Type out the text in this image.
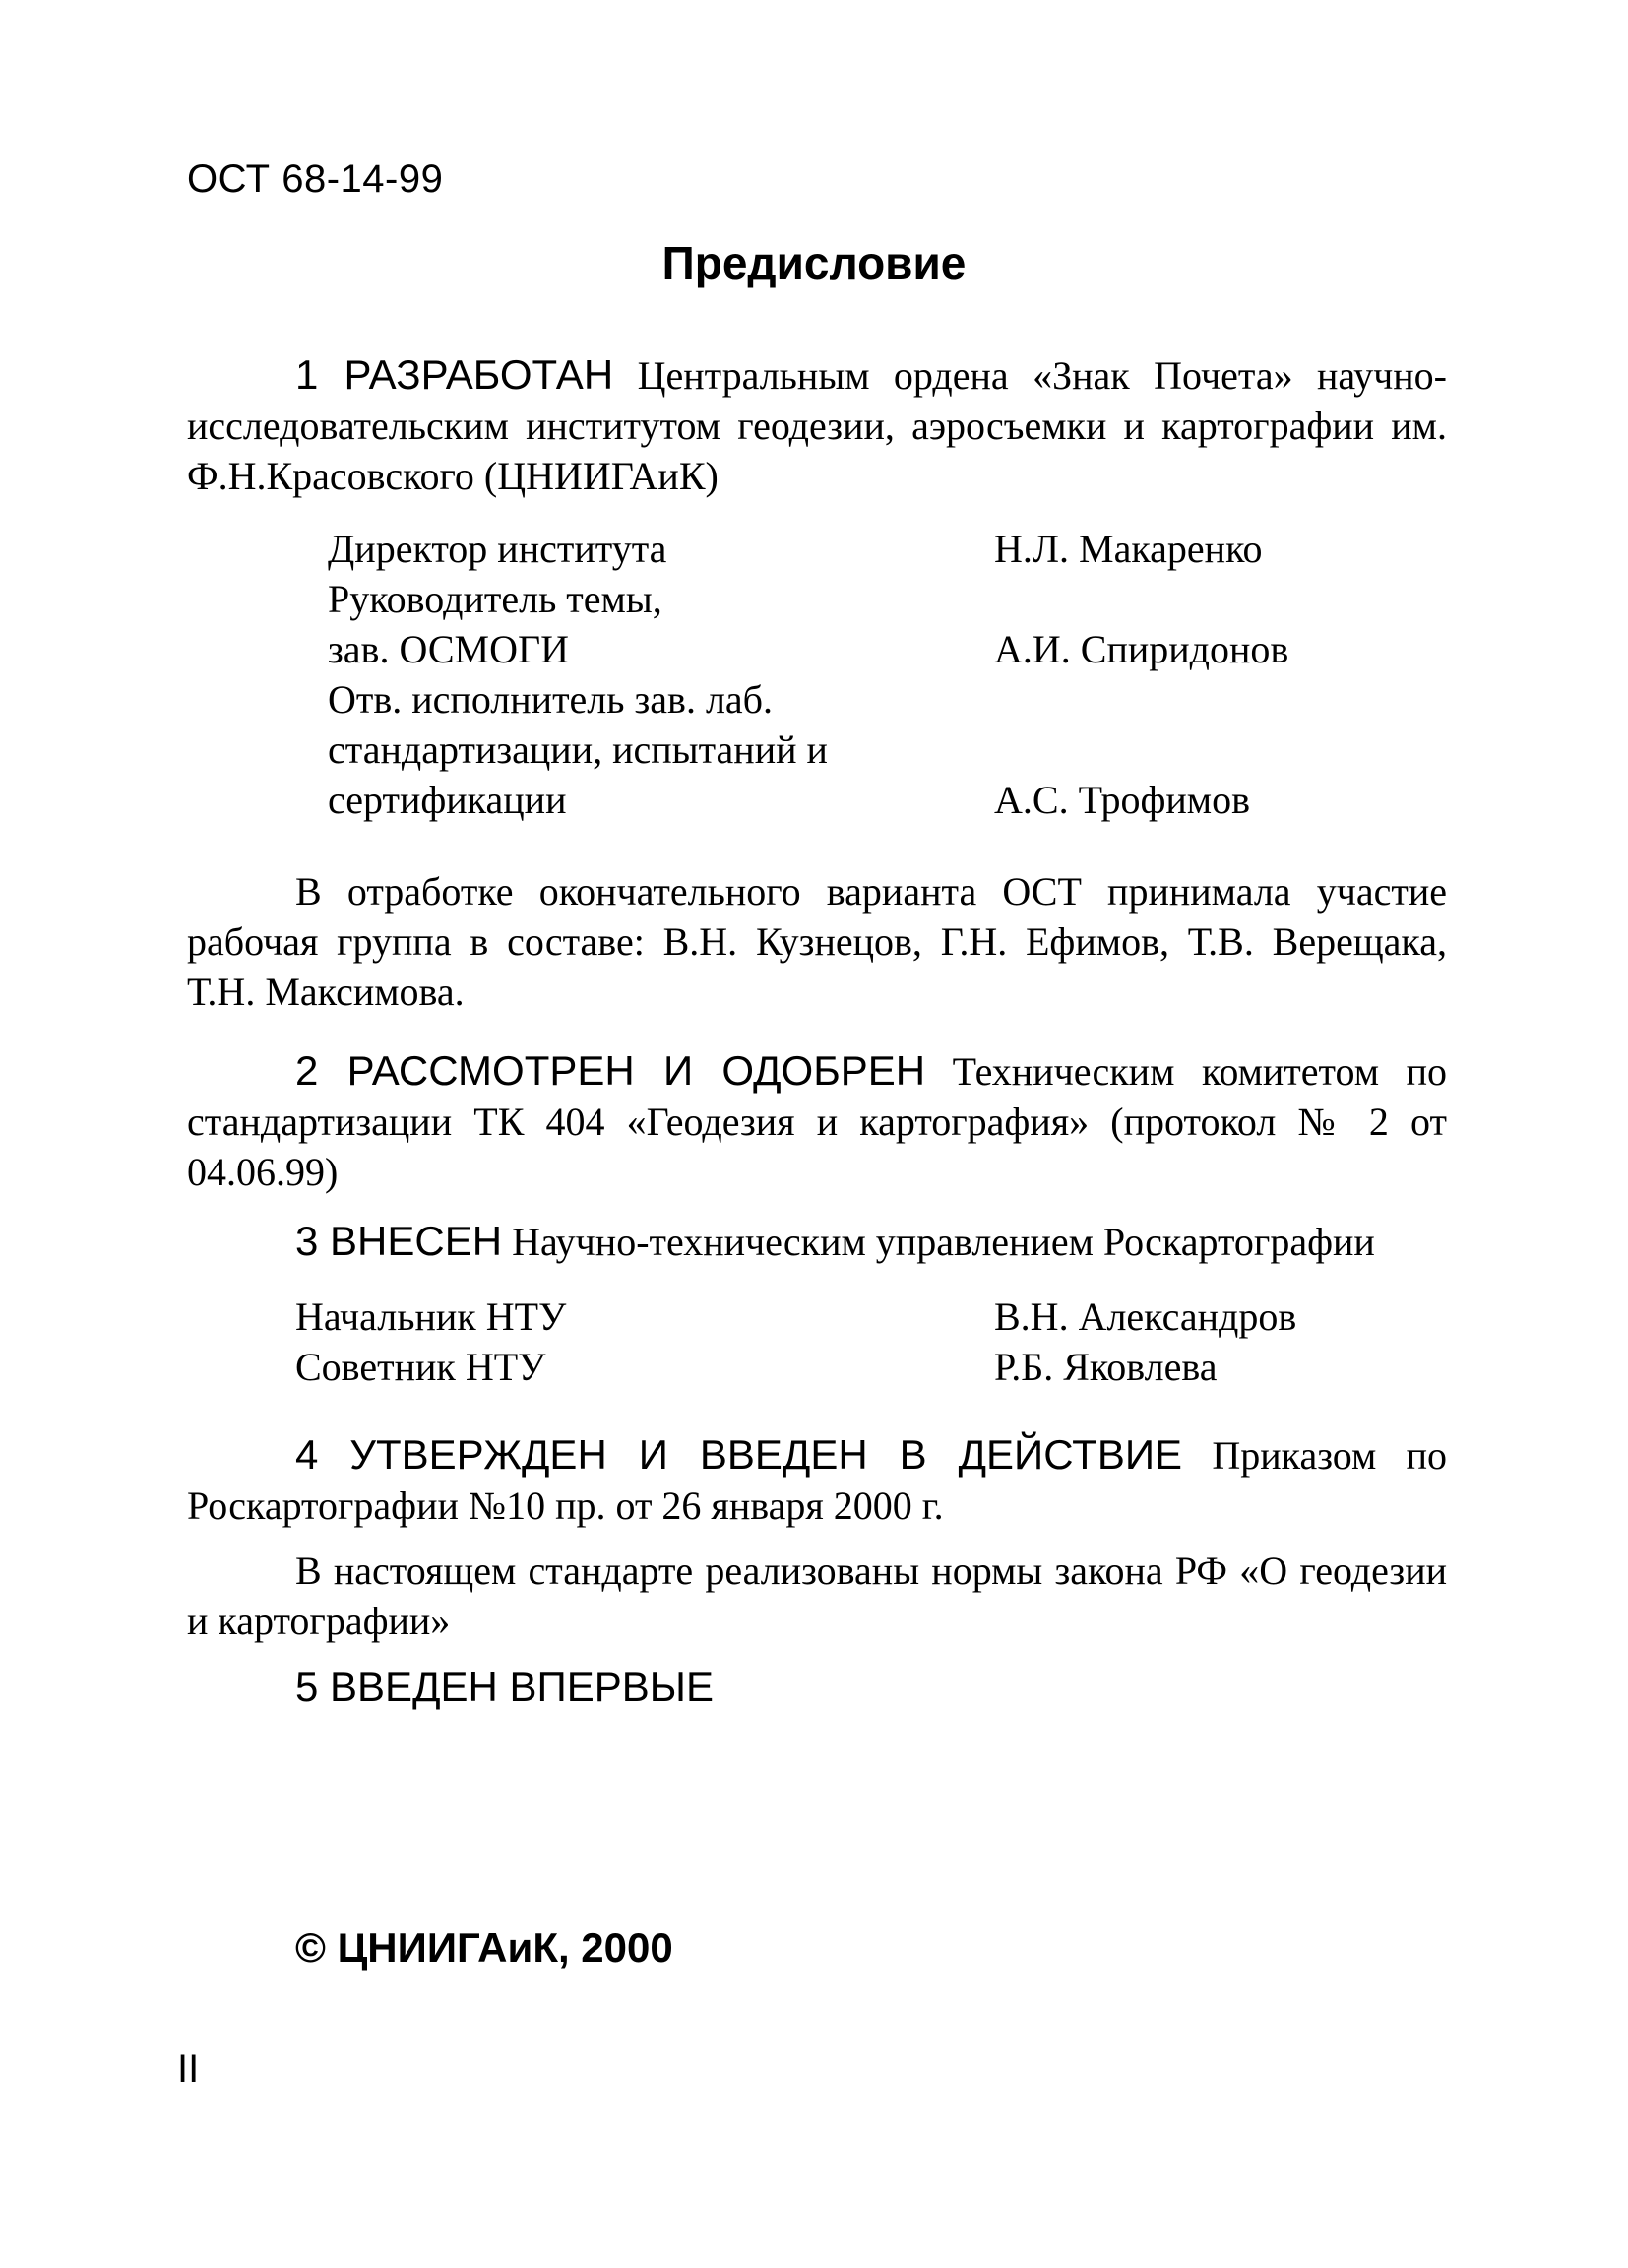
ОСТ 68-14-99
Предисловие
1 РАЗРАБОТАН Центральным ордена «Знак Почета» научно-исследовательским институтом геодезии, аэросъемки и картографии им. Ф.Н.Красовского (ЦНИИГАиК)
Директор института	Н.Л. Макаренко
Руководитель темы,
зав. ОСМОГИ	А.И. Спиридонов
Отв. исполнитель зав. лаб.
стандартизации, испытаний и
сертификации	А.С. Трофимов
В отработке окончательного варианта ОСТ принимала участие рабочая группа в составе: В.Н. Кузнецов, Г.Н. Ефимов, Т.В. Верещака, Т.Н. Максимова.
2 РАССМОТРЕН И ОДОБРЕН Техническим комитетом по стандартизации ТК 404 «Геодезия и картография» (протокол № 2 от 04.06.99)
3 ВНЕСЕН Научно-техническим управлением Роскартографии
Начальник НТУ	В.Н. Александров
Советник НТУ	Р.Б. Яковлева
4 УТВЕРЖДЕН И ВВЕДЕН В ДЕЙСТВИЕ Приказом по Роскартографии №10 пр. от 26 января 2000 г.
В настоящем стандарте реализованы нормы закона РФ «О геодезии и картографии»
5 ВВЕДЕН ВПЕРВЫЕ
© ЦНИИГАиК, 2000
II
